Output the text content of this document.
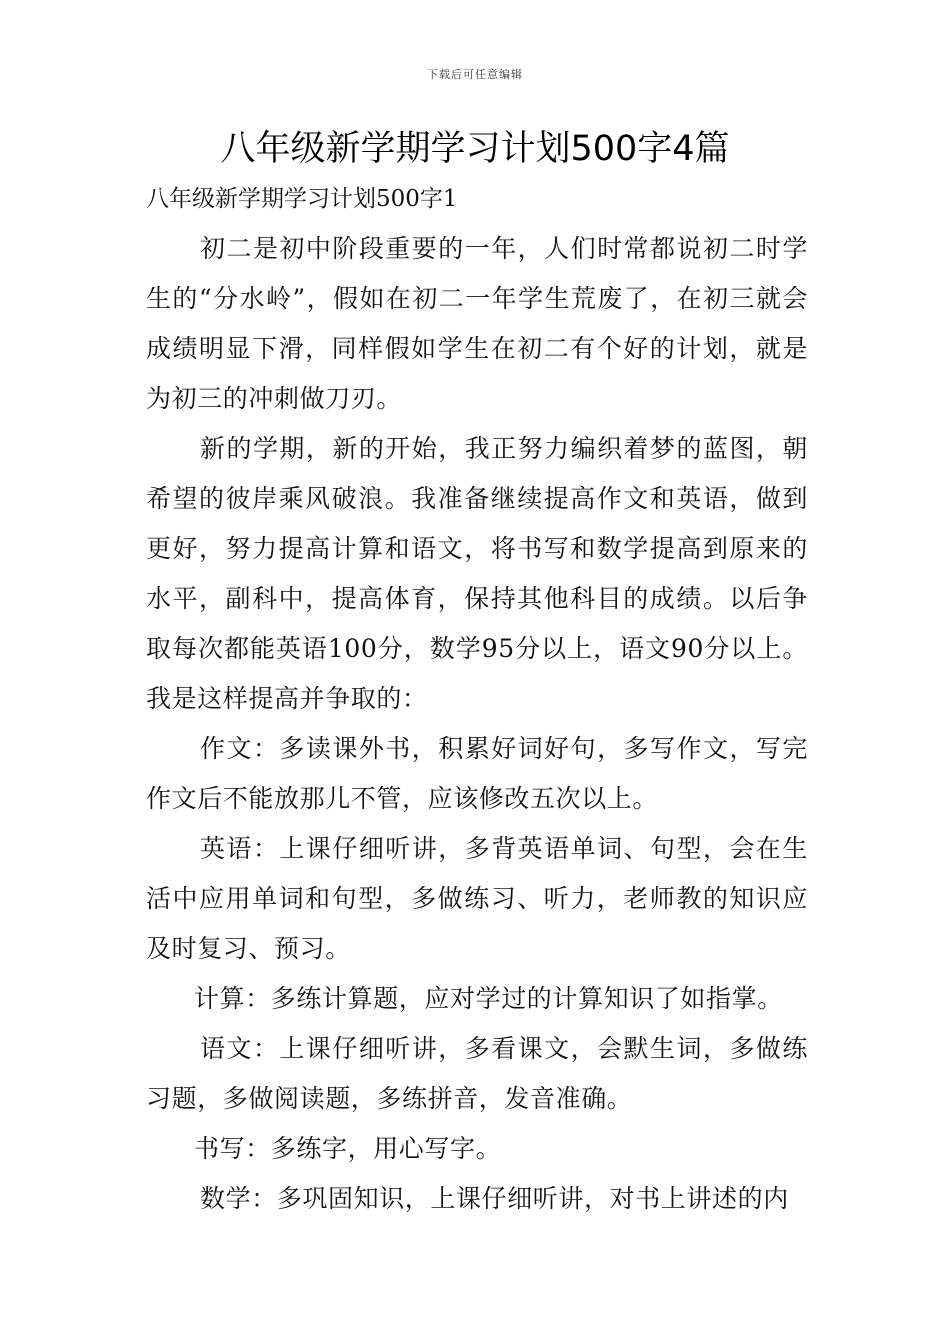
下载后可任意编辑
八年级新学期学习计划500字4篇
八年级新学期学习计划500字1

初二是初中阶段重要的一年，人们时常都说初二时学生的“分水岭”，假如在初二一年学生荒废了，在初三就会成绩明显下滑，同样假如学生在初二有个好的计划，就是为初三的冲刺做刀刃。

新的学期，新的开始，我正努力编织着梦的蓝图，朝希望的彼岸乘风破浪。我准备继续提高作文和英语，做到更好，努力提高计算和语文，将书写和数学提高到原来的水平，副科中，提高体育，保持其他科目的成绩。以后争取每次都能英语100分，数学95分以上，语文90分以上。我是这样提高并争取的：

作文：多读课外书，积累好词好句，多写作文，写完作文后不能放那儿不管，应该修改五次以上。

英语：上课仔细听讲，多背英语单词、句型，会在生活中应用单词和句型，多做练习、听力，老师教的知识应及时复习、预习。

计算：多练计算题，应对学过的计算知识了如指掌。

语文：上课仔细听讲，多看课文，会默生词，多做练习题，多做阅读题，多练拼音，发音准确。

书写：多练字，用心写字。

数学：多巩固知识，上课仔细听讲，对书上讲述的内
